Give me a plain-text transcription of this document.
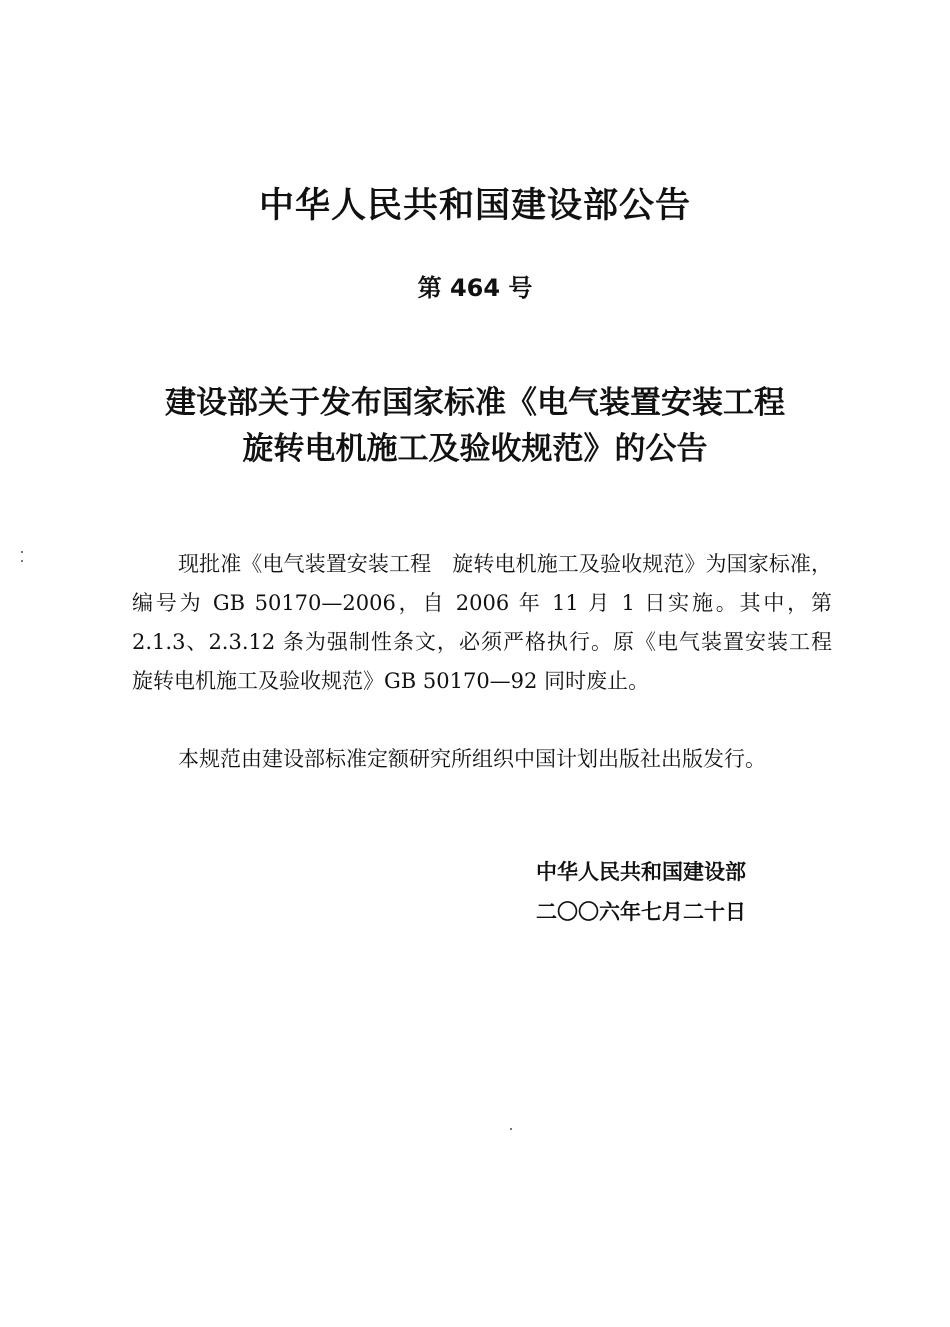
中华人民共和国建设部公告
第 464 号
建设部关于发布国家标准《电气装置安装工程
旋转电机施工及验收规范》的公告

现批准《电气装置安装工程　旋转电机施工及验收规范》为国家标准，编号为 GB 50170—2006，自 2006 年 11 月 1 日实施。其中，第 2.1.3、2.3.12 条为强制性条文，必须严格执行。原《电气装置安装工程　旋转电机施工及验收规范》GB 50170—92 同时废止。

本规范由建设部标准定额研究所组织中国计划出版社出版发行。

中华人民共和国建设部
二〇〇六年七月二十日
